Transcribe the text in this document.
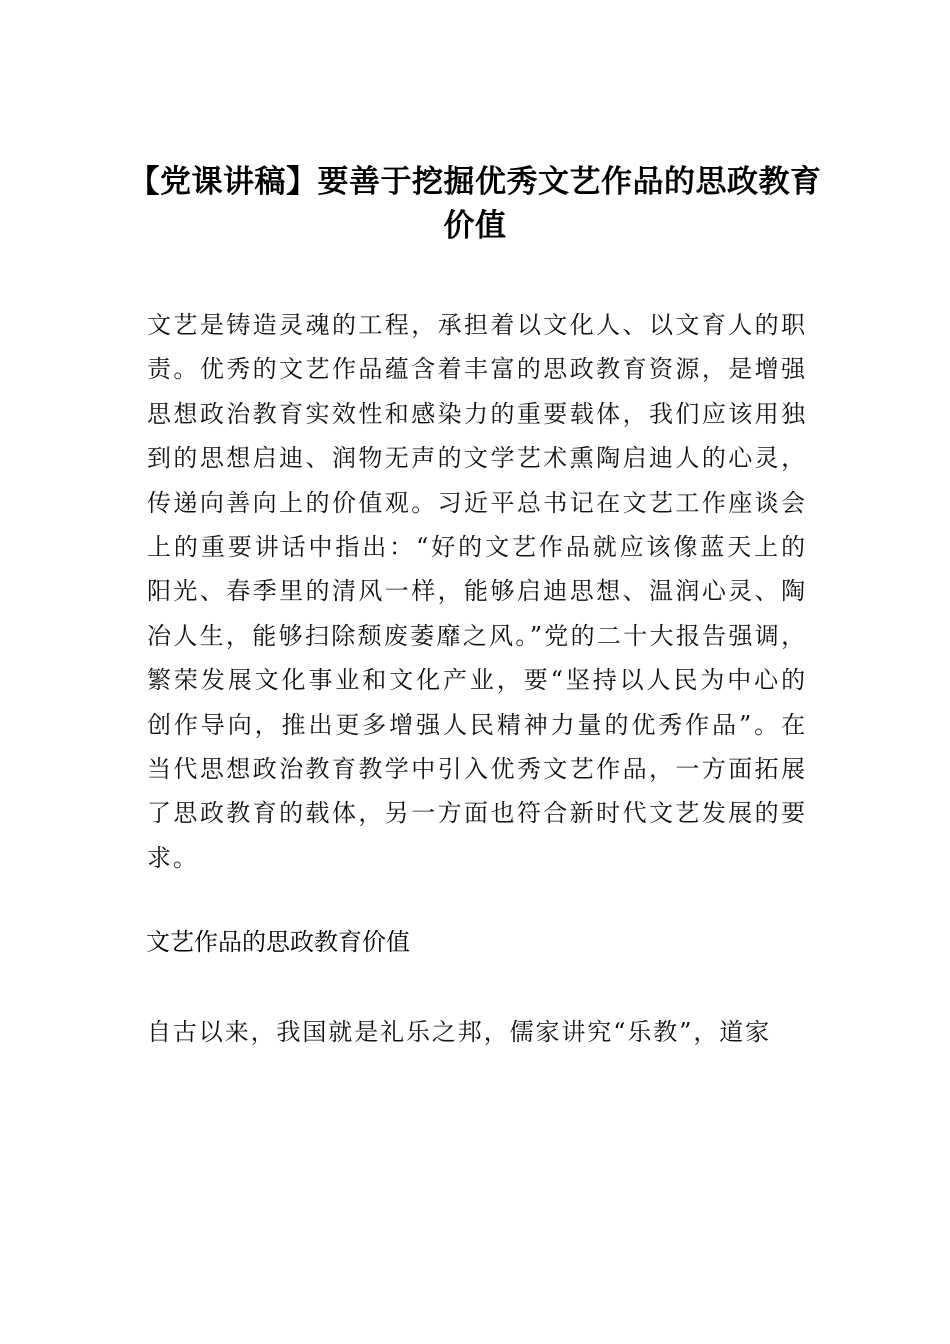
【党课讲稿】要善于挖掘优秀文艺作品的思政教育价值

文艺是铸造灵魂的工程，承担着以文化人、以文育人的职责。优秀的文艺作品蕴含着丰富的思政教育资源，是增强思想政治教育实效性和感染力的重要载体，我们应该用独到的思想启迪、润物无声的文学艺术熏陶启迪人的心灵，传递向善向上的价值观。习近平总书记在文艺工作座谈会上的重要讲话中指出：“好的文艺作品就应该像蓝天上的阳光、春季里的清风一样，能够启迪思想、温润心灵、陶冶人生，能够扫除颓废萎靡之风。”党的二十大报告强调，繁荣发展文化事业和文化产业，要“坚持以人民为中心的创作导向，推出更多增强人民精神力量的优秀作品”。在当代思想政治教育教学中引入优秀文艺作品，一方面拓展了思政教育的载体，另一方面也符合新时代文艺发展的要求。

文艺作品的思政教育价值

自古以来，我国就是礼乐之邦，儒家讲究“乐教”，道家
